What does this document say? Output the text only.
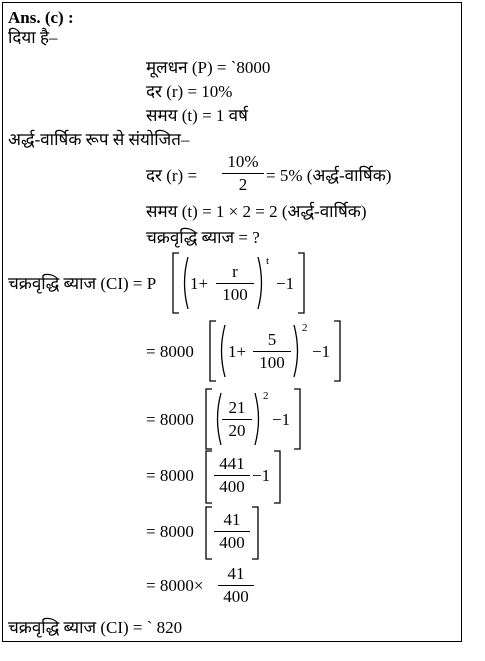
Ans. (c) :
दिया है–
मूलधन (P) = `8000
दर (r) = 10%
समय (t) = 1 वर्ष
अर्द्ध-वार्षिक रूप से संयोजित–
दर (r) =
10%
2	= 5% (अर्द्ध-वार्षिक)
समय (t) = 1 × 2 = 2 (अर्द्ध-वार्षिक)
चक्रवृद्धि ब्याज = ?
चक्रवृद्धि ब्याज (CI) = P 1+
r
100
t
−1
= 8000 1+
5
100
2
−1
= 8000
21
20
2
−1
= 8000
441
400
−1
= 8000
41
400
= 8000×
41
400
चक्रवृद्धि ब्याज (CI) = ` 820
